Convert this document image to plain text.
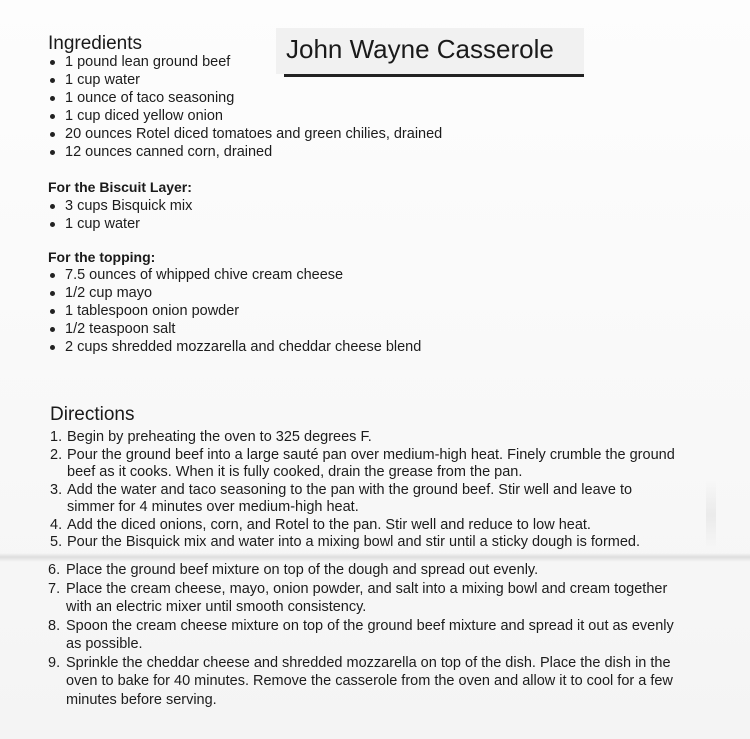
John Wayne Casserole
Ingredients
1 pound lean ground beef
1 cup water
1 ounce of taco seasoning
1 cup diced yellow onion
20 ounces Rotel diced tomatoes and green chilies, drained
12 ounces canned corn, drained
For the Biscuit Layer:
3 cups Bisquick mix
1 cup water
For the topping:
7.5 ounces of whipped chive cream cheese
1/2 cup mayo
1 tablespoon onion powder
1/2 teaspoon salt
2 cups shredded mozzarella and cheddar cheese blend
Directions
1. Begin by preheating the oven to 325 degrees F.
2. Pour the ground beef into a large sauté pan over medium-high heat. Finely crumble the ground
beef as it cooks. When it is fully cooked, drain the grease from the pan.
3. Add the water and taco seasoning to the pan with the ground beef. Stir well and leave to
simmer for 4 minutes over medium-high heat.
4. Add the diced onions, corn, and Rotel to the pan. Stir well and reduce to low heat.
5. Pour the Bisquick mix and water into a mixing bowl and stir until a sticky dough is formed.
6. Place the ground beef mixture on top of the dough and spread out evenly.
7. Place the cream cheese, mayo, onion powder, and salt into a mixing bowl and cream together
with an electric mixer until smooth consistency.
8. Spoon the cream cheese mixture on top of the ground beef mixture and spread it out as evenly
as possible.
9. Sprinkle the cheddar cheese and shredded mozzarella on top of the dish. Place the dish in the
oven to bake for 40 minutes. Remove the casserole from the oven and allow it to cool for a few
minutes before serving.
